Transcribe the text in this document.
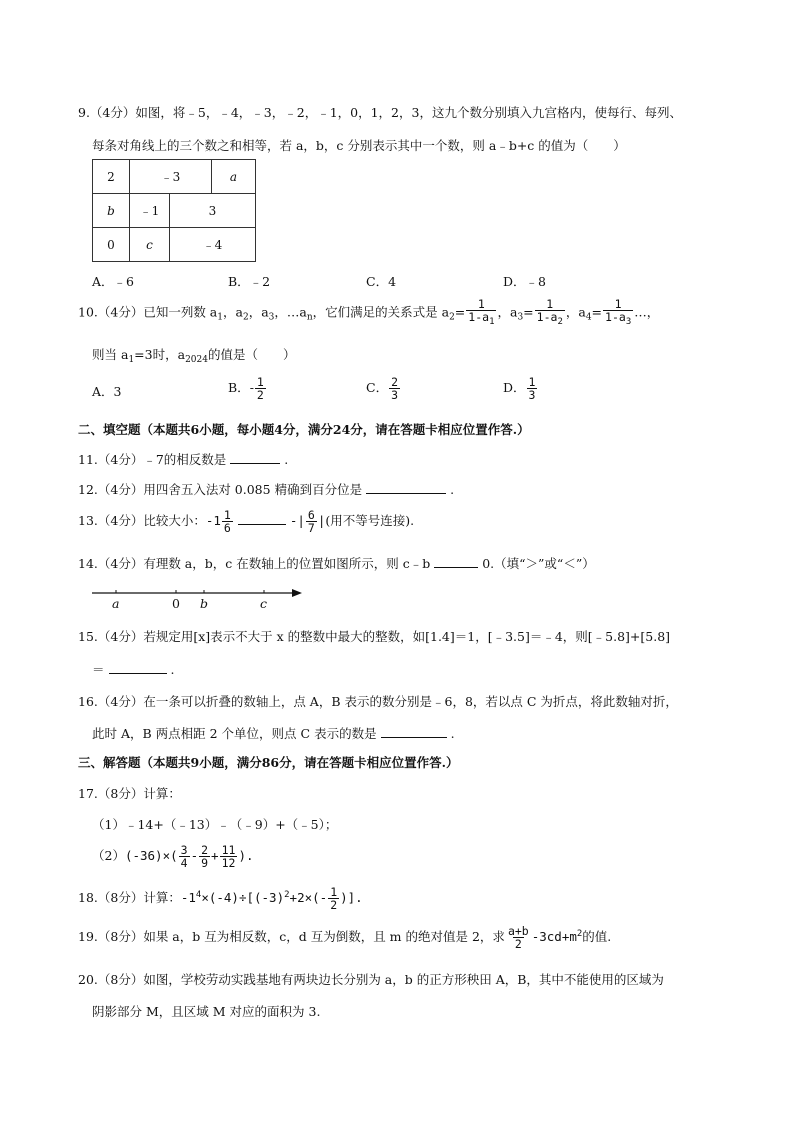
9.（4分）如图，将﹣5，﹣4，﹣3，﹣2，﹣1，0，1，2，3，这九个数分别填入九宫格内，使每行、每列、
每条对角线上的三个数之和相等，若 a，b，c 分别表示其中一个数，则 a﹣b+c 的值为（　　）
2	﹣3	a
b	﹣1	3
0	c	﹣4
A．﹣6	B．﹣2	C．4	D．﹣8
10.（4分）已知一列数 $a_1$，$a_2$，$a_3$，$\dots a_n$，它们满足的关系式是 $a_2= \frac{1}{1-a_1}$ ，$a_3= \frac{1}{1-a_2}$ ，$a_4= \frac{1}{1-a_3}$ …，
则当 $a_1=3$时，$a_{2024}$的值是（　　）
A．3	B．- $\frac{1}{2}$	C． $\frac{2}{3}$	D． $\frac{1}{3}$
二、填空题（本题共6小题，每小题4分，满分24分，请在答题卡相应位置作答.）
11.（4分）﹣7的相反数是	.
12.（4分）用四舍五入法对 0.085 精确到百分位是	.
13.（4分）比较大小：$-1 \frac{1}{6}$	-| $\frac{6}{7}$ |(用不等号连接).
14.（4分）有理数 a，b，c 在数轴上的位置如图所示，则 c﹣b	0.（填“＞”或“＜”）
a	0 b	c
15.（4分）若规定用[x]表示不大于 x 的整数中最大的整数，如[1.4]＝1，[﹣3.5]＝﹣4，则[﹣5.8]+[5.8]
＝	.
16.（4分）在一条可以折叠的数轴上，点 A，B 表示的数分别是﹣6，8，若以点 C 为折点，将此数轴对折，
此时 A，B 两点相距 2 个单位，则点 C 表示的数是	.
三、解答题（本题共9小题，满分86分，请在答题卡相应位置作答.）
17.（8分）计算：
（1）﹣14+（﹣13）﹣（﹣9）+（﹣5）；
$(2)(-36)\times( \frac{3}{4} - \frac{2}{9} + \frac{11}{12}$ ).
18.（8分）计算：$-1^4\times(-4)\div[(-3)^2+2\times(- \frac{1}{2}$ )].
19.（8分）如果 a，b 互为相反数，c，d 互为倒数，且 m 的绝对值是 2，求 $\frac{a+b}{2} -3cd+m^2$的值.
20.（8分）如图，学校劳动实践基地有两块边长分别为 a，b 的正方形秧田 A，B，其中不能使用的区域为
阴影部分 M，且区域 M 对应的面积为 3.
